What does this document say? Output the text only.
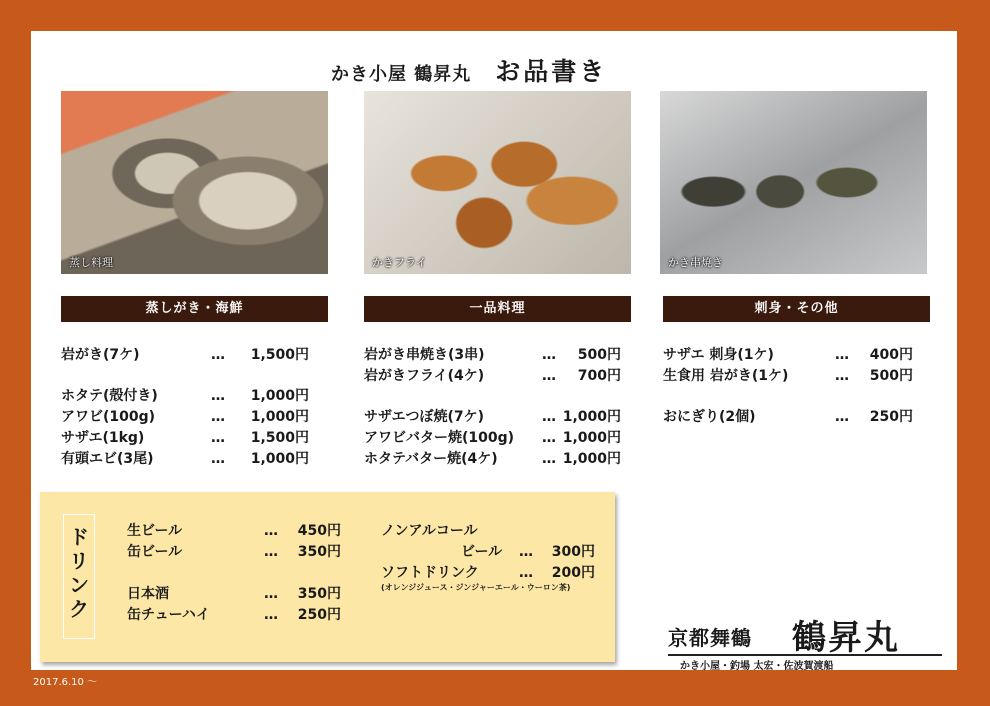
かき小屋 鶴昇丸 お品書き
蒸し料理	かきフライ	かき串焼き
蒸しがき・海鮮	一品料理	刺身・その他
岩がき(7ケ)	… 1,500円
ホタテ(殻付き)	… 1,000円
アワビ(100g)	… 1,000円
サザエ(1kg)	… 1,500円
有頭エビ(3尾)	… 1,000円
岩がき串焼き(3串)	… 500円
岩がきフライ(4ケ)	… 700円
サザエつぼ焼(7ケ)	… 1,000円
アワビバター焼(100g) … 1,000円
ホタテバター焼(4ケ)	… 1,000円
サザエ 刺身(1ケ)	… 400円
生食用 岩がき(1ケ)	… 500円
おにぎり(2個)	… 250円
ドリンク
生ビール	… 450円
缶ビール	… 350円
日本酒	… 350円
缶チューハイ	… 250円
ノンアルコール
ビール … 300円
ソフトドリンク	… 200円
(オレンジジュース・ジンジャーエール・ウーロン茶)
京都舞鶴 鶴昇丸
かき小屋・釣場 太宏・佐波賀渡船
2017.6.10 〜
